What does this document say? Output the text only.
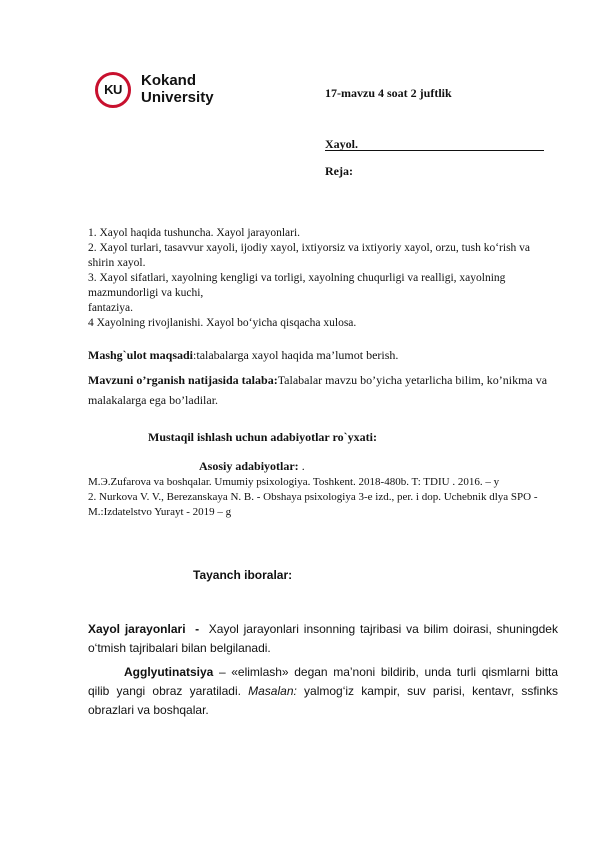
KU
Kokand
University	17-mavzu 4 soat 2 juftlik
Xayol.
Reja:

1. Xayol haqida tushuncha. Xayol jarayonlari.

2. Xayol turlari, tasavvur xayoli, ijodiy xayol, ixtiyorsiz va ixtiyoriy xayol, orzu, tush ko‘rish va shirin xayol.

3. Xayol sifatlari, xayolning kengligi va torligi, xayolning chuqurligi va realligi, xayolning mazmundorligi va kuchi,

fantaziya.

4 Xayolning rivojlanishi. Xayol bo‘yicha qisqacha xulosa.

Mashg`ulot maqsadi:talabalarga xayol haqida ma’lumot berish.
Mavzuni o’rganish natijasida talaba:Talabalar mavzu bo’yicha yetarlicha bilim, ko’nikma va malakalarga ega bo’ladilar.
Mustaqil ishlash uchun adabiyotlar ro`yxati:
Asosiy adabiyotlar: .

М.Э.Zufarova va boshqalar. Umumiy psixologiya. Toshkent. 2018-480b. T: TDIU . 2016. – y

2. Nurkova V. V., Berezanskaya N. B. - Obshaya psixologiya 3-e izd., per. i dop. Uchebnik dlya SPO - M.:Izdatelstvo Yurayt - 2019 – g

Tayanch iboralar:

Xayol jarayonlari  -  Xayol jarayonlari insonning tajribasi va bilim doirasi, shuningdek o‘tmish tajribalari bilan belgilanadi.

Agglyutinatsiya – «elimlash» degan ma’noni bildirib, unda turli qismlarni bitta qilib yangi obraz yaratiladi. Masalan: yalmog‘iz kampir, suv parisi, kentavr, ssfinks obrazlari va boshqalar.
